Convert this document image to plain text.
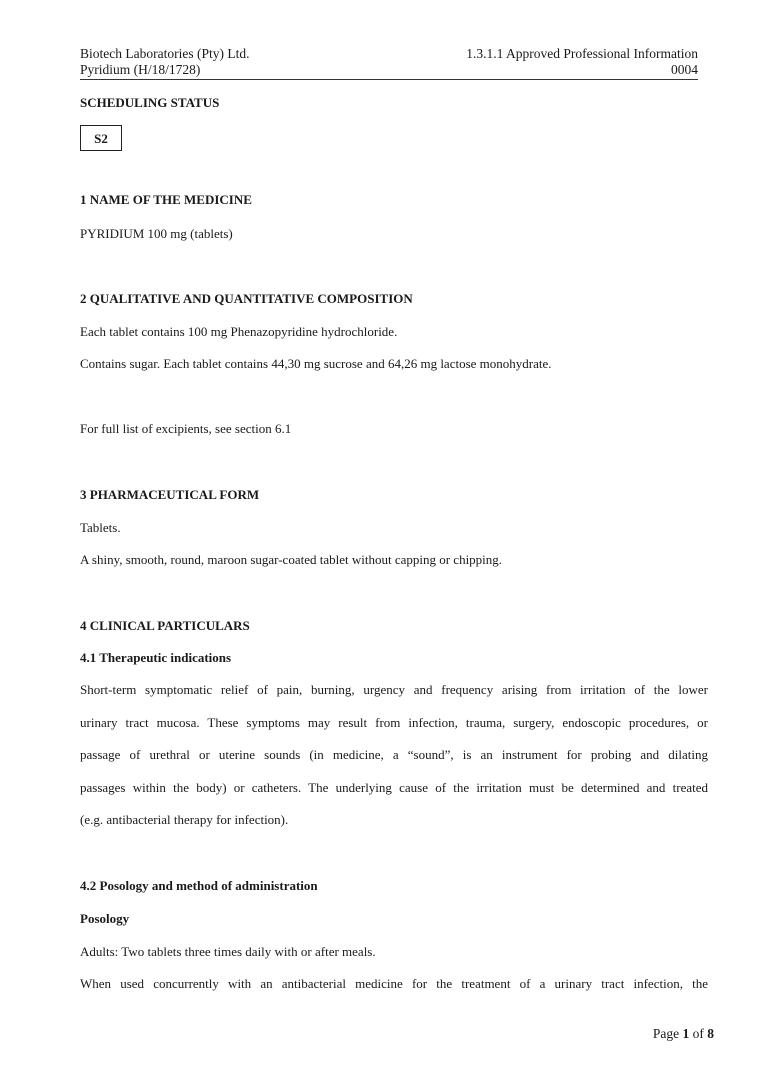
Biotech Laboratories (Pty) Ltd.	1.3.1.1 Approved Professional Information
Pyridium (H/18/1728)	0004
SCHEDULING STATUS
S2
1 NAME OF THE MEDICINE
PYRIDIUM 100 mg (tablets)
2 QUALITATIVE AND QUANTITATIVE COMPOSITION
Each tablet contains 100 mg Phenazopyridine hydrochloride.
Contains sugar. Each tablet contains 44,30 mg sucrose and 64,26 mg lactose monohydrate.
For full list of excipients, see section 6.1
3 PHARMACEUTICAL FORM
Tablets.
A shiny, smooth, round, maroon sugar-coated tablet without capping or chipping.
4 CLINICAL PARTICULARS
4.1 Therapeutic indications
Short-term symptomatic relief of pain, burning, urgency and frequency arising from irritation of the lower
urinary tract mucosa. These symptoms may result from infection, trauma, surgery, endoscopic procedures, or
passage of urethral or uterine sounds (in medicine, a “sound”, is an instrument for probing and dilating
passages within the body) or catheters. The underlying cause of the irritation must be determined and treated
(e.g. antibacterial therapy for infection).
4.2 Posology and method of administration
Posology
Adults: Two tablets three times daily with or after meals.
When used concurrently with an antibacterial medicine for the treatment of a urinary tract infection, the
Page 1 of 8
